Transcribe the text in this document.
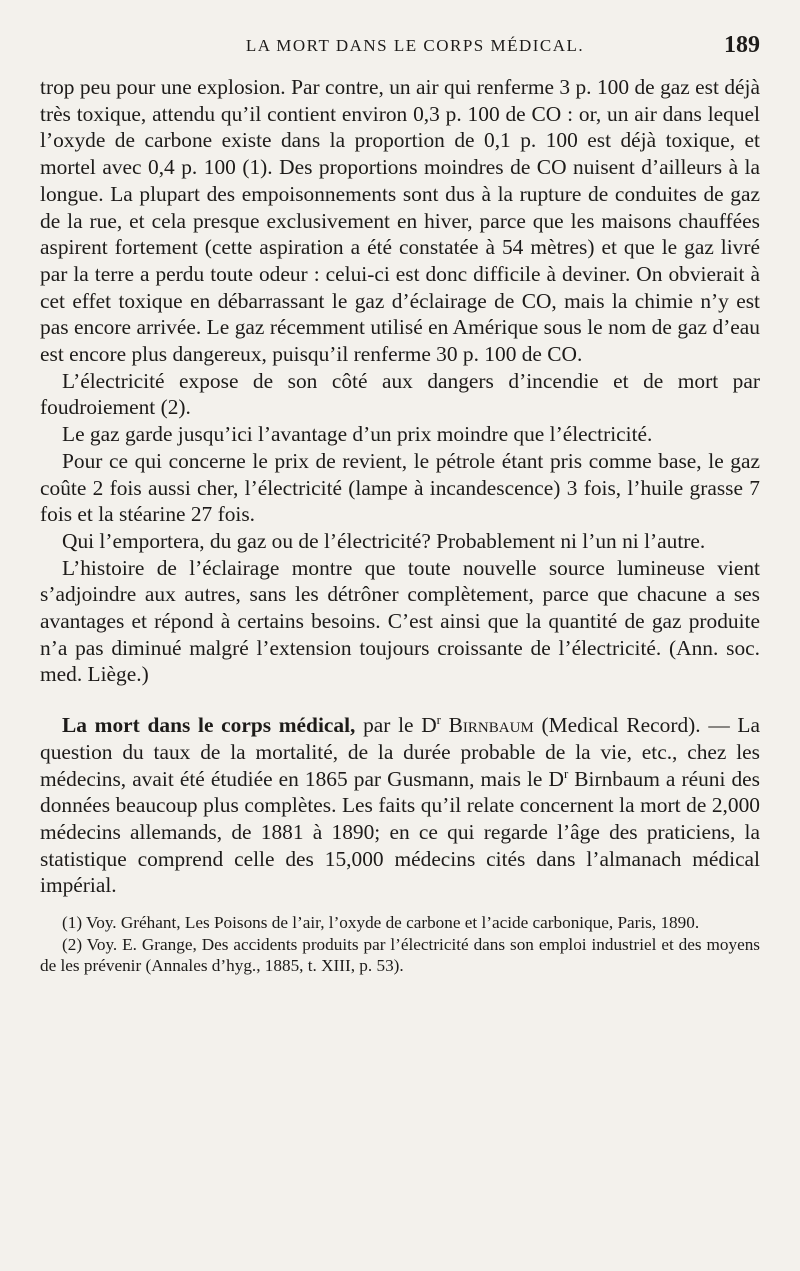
LA MORT DANS LE CORPS MÉDICAL.	189

trop peu pour une explosion. Par contre, un air qui renferme 3 p. 100 de gaz est déjà très toxique, attendu qu’il contient environ 0,3 p. 100 de CO : or, un air dans lequel l’oxyde de carbone existe dans la proportion de 0,1 p. 100 est déjà toxique, et mortel avec 0,4 p. 100 (1). Des proportions moindres de CO nuisent d’ailleurs à la longue. La plupart des empoisonnements sont dus à la rupture de conduites de gaz de la rue, et cela presque exclusivement en hiver, parce que les maisons chauffées aspirent fortement (cette aspiration a été constatée à 54 mètres) et que le gaz livré par la terre a perdu toute odeur : celui-ci est donc difficile à deviner. On obvierait à cet effet toxique en débarrassant le gaz d’éclairage de CO, mais la chimie n’y est pas encore arrivée. Le gaz récemment utilisé en Amérique sous le nom de gaz d’eau est encore plus dangereux, puisqu’il renferme 30 p. 100 de CO.

L’électricité expose de son côté aux dangers d’incendie et de mort par foudroiement (2).

Le gaz garde jusqu’ici l’avantage d’un prix moindre que l’électricité.

Pour ce qui concerne le prix de revient, le pétrole étant pris comme base, le gaz coûte 2 fois aussi cher, l’électricité (lampe à incandescence) 3 fois, l’huile grasse 7 fois et la stéarine 27 fois.

Qui l’emportera, du gaz ou de l’électricité? Probablement ni l’un ni l’autre.

L’histoire de l’éclairage montre que toute nouvelle source lumineuse vient s’adjoindre aux autres, sans les détrôner complètement, parce que chacune a ses avantages et répond à certains besoins. C’est ainsi que la quantité de gaz produite n’a pas diminué malgré l’extension toujours croissante de l’électricité. (Ann. soc. med. Liège.)

La mort dans le corps médical, par le $D^r$ Birnbaum (Medical Record). — La question du taux de la mortalité, de la durée probable de la vie, etc., chez les médecins, avait été étudiée en 1865 par Gusmann, mais le $D^r$ Birnbaum a réuni des données beaucoup plus complètes. Les faits qu’il relate concernent la mort de 2,000 médecins allemands, de 1881 à 1890; en ce qui regarde l’âge des praticiens, la statistique comprend celle des 15,000 médecins cités dans l’almanach médical impérial.

(1) Voy. Gréhant, Les Poisons de l’air, l’oxyde de carbone et l’acide carbonique, Paris, 1890.

(2) Voy. E. Grange, Des accidents produits par l’électricité dans son emploi industriel et des moyens de les prévenir (Annales d’hyg., 1885, t. XIII, p. 53).
